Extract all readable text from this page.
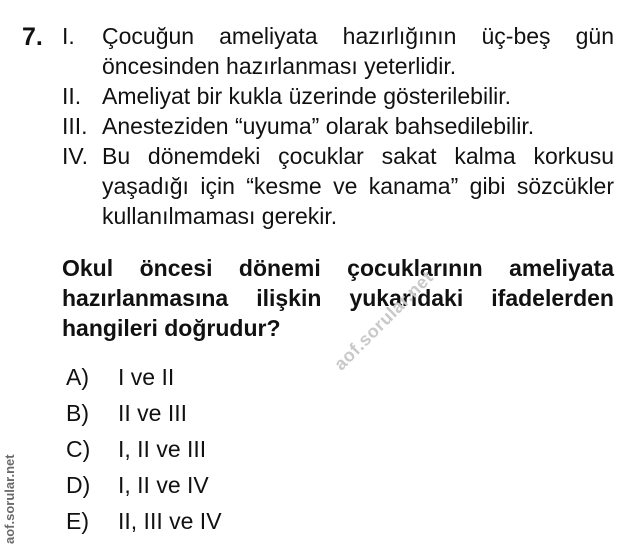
7. I.	Çocuğun ameliyata hazırlığının üç-beş gün öncesinden hazırlanması yeterlidir.
II. Ameliyat bir kukla üzerinde gösterilebilir.
III. Anesteziden “uyuma” olarak bahsedilebilir.
IV. Bu dönemdeki çocuklar sakat kalma korkusu yaşadığı için “kesme ve kanama” gibi sözcükler kullanılmaması gerekir.
Okul öncesi dönemi çocuklarının ameliyata hazırlanmasına ilişkin yukarıdaki ifadelerden hangileri doğrudur?
A)	I ve II
B)	II ve III
C)	I, II ve III
D)	I, II ve IV
E)	II, III ve IV
aof.sorular.net
aof.sorular.net
